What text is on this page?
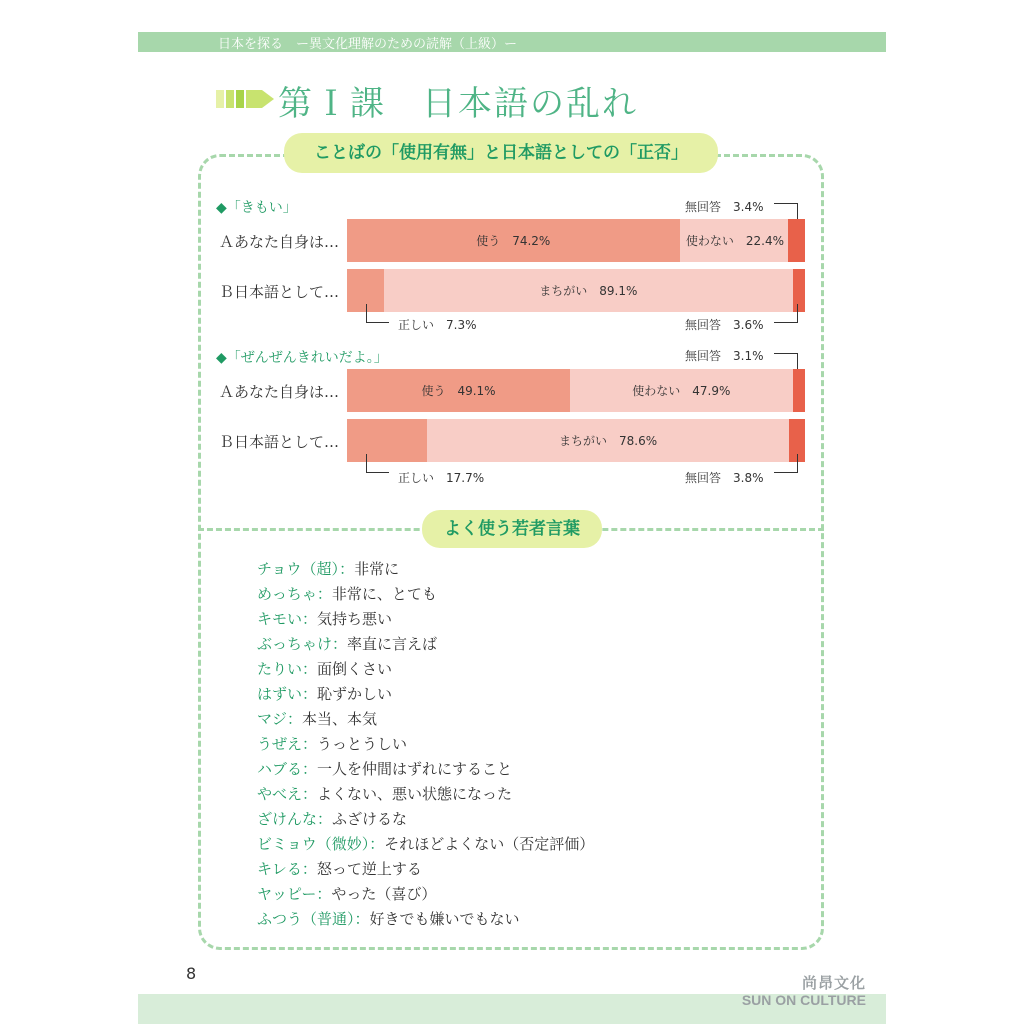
日本を探る　ー異文化理解のための読解（上級）ー
第Ｉ課　日本語の乱れ
ことばの「使用有無」と日本語としての「正否」
◆「きもい」	無回答　3.4%
Ａあなた自身は…	使う　74.2%	使わない　22.4%
Ｂ日本語として…	まちがい　89.1%
正しい　7.3%	無回答　3.6%
◆「ぜんぜんきれいだよ。」	無回答　3.1%
Ａあなた自身は…	使う　49.1%	使わない　47.9%
Ｂ日本語として…	まちがい　78.6%
正しい　17.7%	無回答　3.8%
よく使う若者言葉
チョウ（超）：非常に
めっちゃ：非常に、とても
キモい：気持ち悪い
ぶっちゃけ：率直に言えば
たりい：面倒くさい
はずい：恥ずかしい
マジ：本当、本気
うぜえ：うっとうしい
ハブる：一人を仲間はずれにすること
やべえ：よくない、悪い状態になった
ざけんな：ふざけるな
ビミョウ（微妙）：それほどよくない（否定評価）
キレる：怒って逆上する
ヤッピー：やった（喜び）
ふつう（普通）：好きでも嫌いでもない
8	尚昂文化
SUN ON CULTURE
